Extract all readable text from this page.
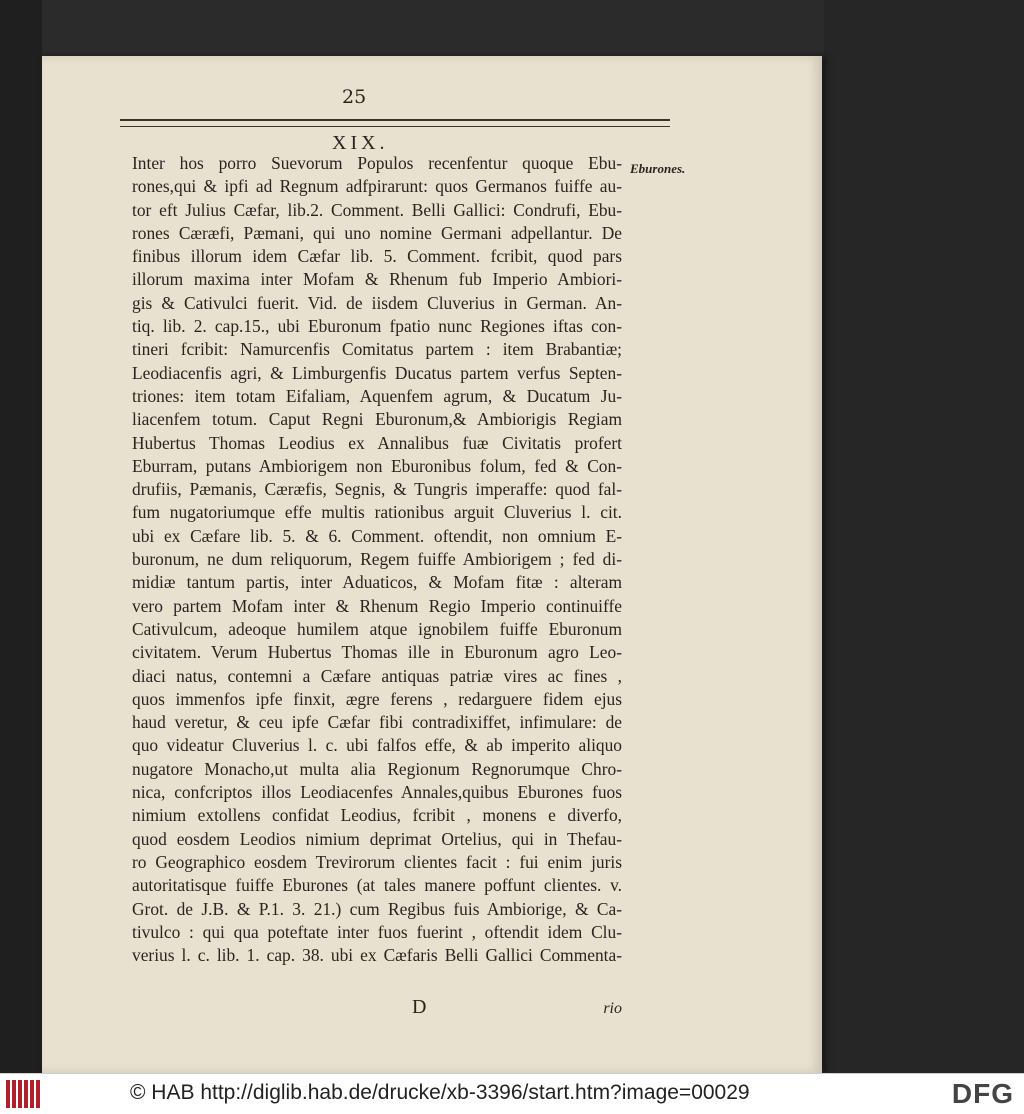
25
XIX.
Eburones.
Inter hos porro Suevorum Populos recenfentur quoque Ebu-
rones,qui & ipfi ad Regnum adfpirarunt: quos Germanos fuiffe au-
tor eft Julius Cæfar, lib.2. Comment. Belli Gallici: Condrufi, Ebu-
rones Cæræfi, Pæmani, qui uno nomine Germani adpellantur. De
finibus illorum idem Cæfar lib. 5. Comment. fcribit, quod pars
illorum maxima inter Mofam & Rhenum fub Imperio Ambiori-
gis & Cativulci fuerit. Vid. de iisdem Cluverius in German. An-
tiq. lib. 2. cap.15., ubi Eburonum fpatio nunc Regiones iftas con-
tineri fcribit: Namurcenfis Comitatus partem : item Brabantiæ;
Leodiacenfis agri, & Limburgenfis Ducatus partem verfus Septen-
triones: item totam Eifaliam, Aquenfem agrum, & Ducatum Ju-
liacenfem totum. Caput Regni Eburonum,& Ambiorigis Regiam
Hubertus Thomas Leodius ex Annalibus fuæ Civitatis profert
Eburram, putans Ambiorigem non Eburonibus folum, fed & Con-
drufiis, Pæmanis, Cæræfis, Segnis, & Tungris imperaffe: quod fal-
fum nugatoriumque effe multis rationibus arguit Cluverius l. cit.
ubi ex Cæfare lib. 5. & 6. Comment. oftendit, non omnium E-
buronum, ne dum reliquorum, Regem fuiffe Ambiorigem ; fed di-
midiæ tantum partis, inter Aduaticos, & Mofam fitæ : alteram
vero partem Mofam inter & Rhenum Regio Imperio continuiffe
Cativulcum, adeoque humilem atque ignobilem fuiffe Eburonum
civitatem. Verum Hubertus Thomas ille in Eburonum agro Leo-
diaci natus, contemni a Cæfare antiquas patriæ vires ac fines ,
quos immenfos ipfe finxit, ægre ferens , redarguere fidem ejus
haud veretur, & ceu ipfe Cæfar fibi contradixiffet, infimulare: de
quo videatur Cluverius l. c. ubi falfos effe, & ab imperito aliquo
nugatore Monacho,ut multa alia Regionum Regnorumque Chro-
nica, confcriptos illos Leodiacenfes Annales,quibus Eburones fuos
nimium extollens confidat Leodius, fcribit , monens e diverfo,
quod eosdem Leodios nimium deprimat Ortelius, qui in Thefau-
ro Geographico eosdem Trevirorum clientes facit : fui enim juris
autoritatisque fuiffe Eburones (at tales manere poffunt clientes. v.
Grot. de J.B. & P.1. 3. 21.) cum Regibus fuis Ambiorige, & Ca-
tivulco : qui qua poteftate inter fuos fuerint , oftendit idem Clu-
verius l. c. lib. 1. cap. 38. ubi ex Cæfaris Belli Gallici Commenta-
D	rio
© HAB http://diglib.hab.de/drucke/xb-3396/start.htm?image=00029	DFG
